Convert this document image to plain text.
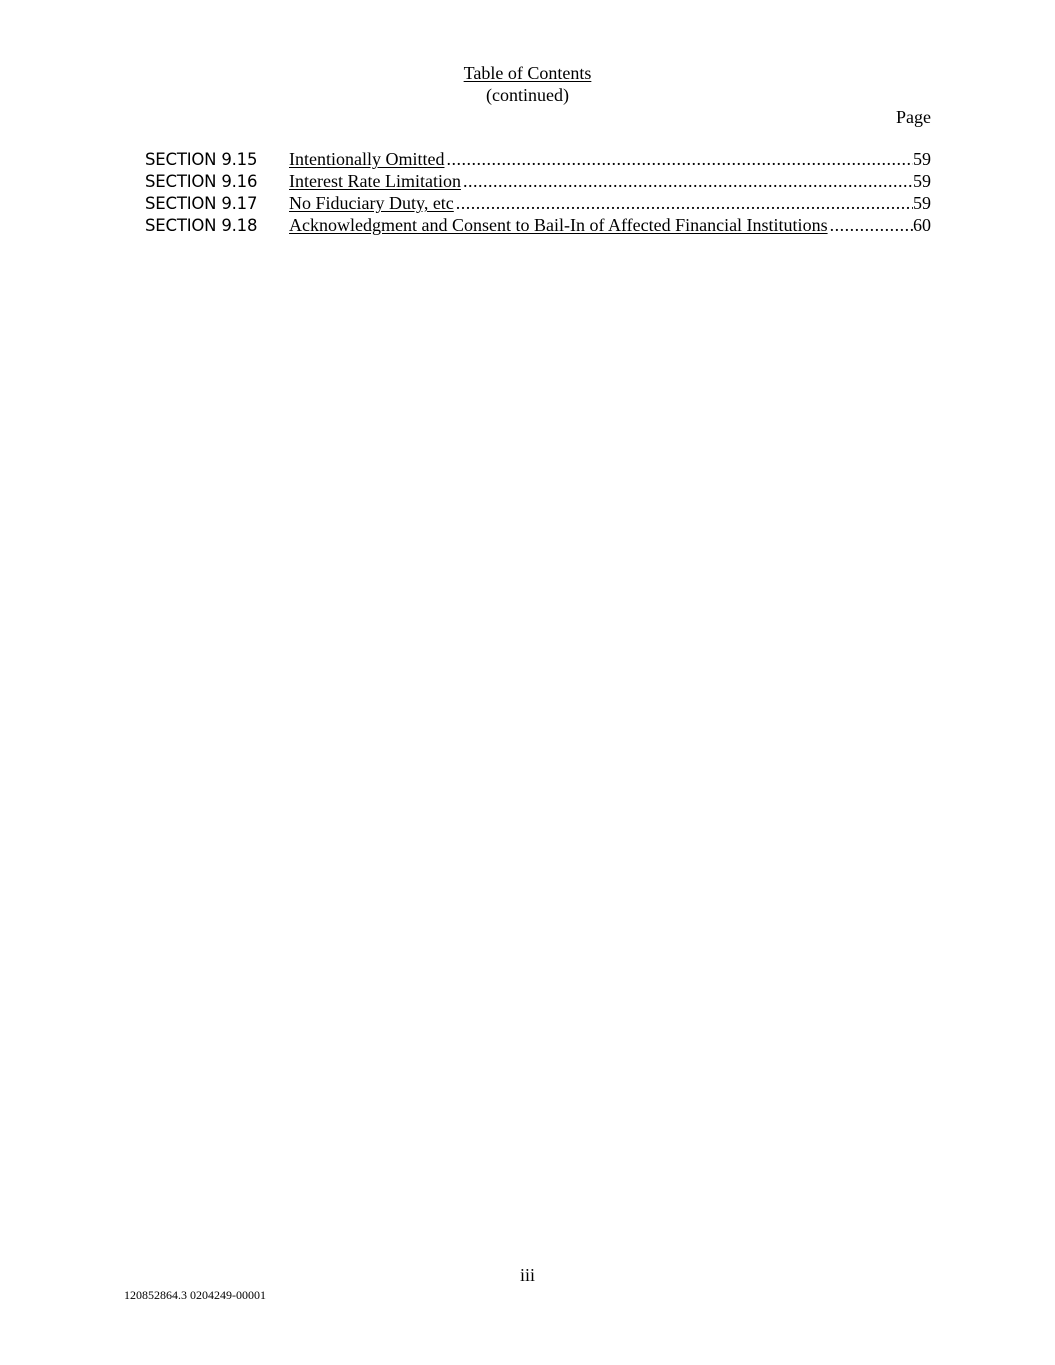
Table of Contents
(continued)
Page
SECTION 9.15	Intentionally Omitted .....	59
SECTION 9.16	Interest Rate Limitation .....	59
SECTION 9.17	No Fiduciary Duty, etc .....	59
SECTION 9.18	Acknowledgment and Consent to Bail-In of Affected Financial Institutions .....	60
iii
120852864.3 0204249-00001
